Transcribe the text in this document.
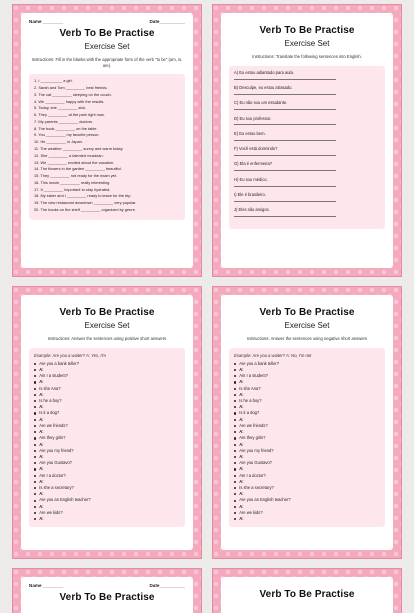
Name ________	Date__________
Verb To Be Practise
Exercise Set
Instructions: Fill in the blanks with the appropriate form of the verb "to be" (am, is, are).
1. I __________ a girl.
2. Sarah and Tom _________ best friends.
3. The cat _________ sleeping on the couch.
4. We _________ happy with the results.
5. Today, she _________ sick.
6. They _________ at the park right now.
7. My parents _________ doctors.
8. The book _________ on the table.
9. You _________ my favorite person.
10. He _________ in Japan.
11. The weather _________ sunny and warm today.
12. She _________ a talented musician.
13. We _________ excited about the vacation.
14. The flowers in the garden _________ beautiful.
15. They _________ not ready for the exam yet.
16. This movie _________ really interesting.
17. It _________ important to stay hydrated.
18. My sister and I _________ ready to leave for the trip.
19. The new restaurant downtown _________ very popular.
20. The books on the shelf _________ organized by genre.
Verb To Be Practise
Exercise Set
Instructions: Translate the following sentences into English.
A) Eu estou adiantado para aula.
B) Desculpe, eu estou atrasado.
C) Eu não sou um estudante.
D) Eu sou professor.
E) Eu estou bem.
F) Você está dormindo?
G) Ela é enfermeira?
H) Eu sou médico.
I) Ele é brasileiro.
J) Eles são amigos.
Verb To Be Practise
Exercise Set
Instructions: Answer the sentences using positive short answers
Example: Are you a waiter? A: Yes, I'm
Are you a bank teller?
A:
Am I a student?
A:
Is she Ana?
A:
Is he a boy?
A:
Is it a dog?
A:
Are we friends?
A:
Are they girls?
A:
Are you my friend?
A:
Are you Gustavo?
A:
Am I a doctor?
A:
Is she a secretary?
A:
Are you an English teacher?
A:
Are we kids?
A:
Verb To Be Practise
Exercise Set
Instructions: Answer the sentences using negative short answers
Example: Are you a waiter? A: No, I'm not
Are you a bank teller?
A:
Am I a student?
A:
Is she Ana?
A:
Is he a boy?
A:
Is it a dog?
A:
Are we friends?
A:
Are they girls?
A:
Are you my friend?
A:
Are you Gustavo?
A:
Am I a doctor?
A:
Is she a secretary?
A:
Are you an English teacher?
A:
Are we kids?
A:
Name ________	Date__________
Verb To Be Practise	Verb To Be Practise
